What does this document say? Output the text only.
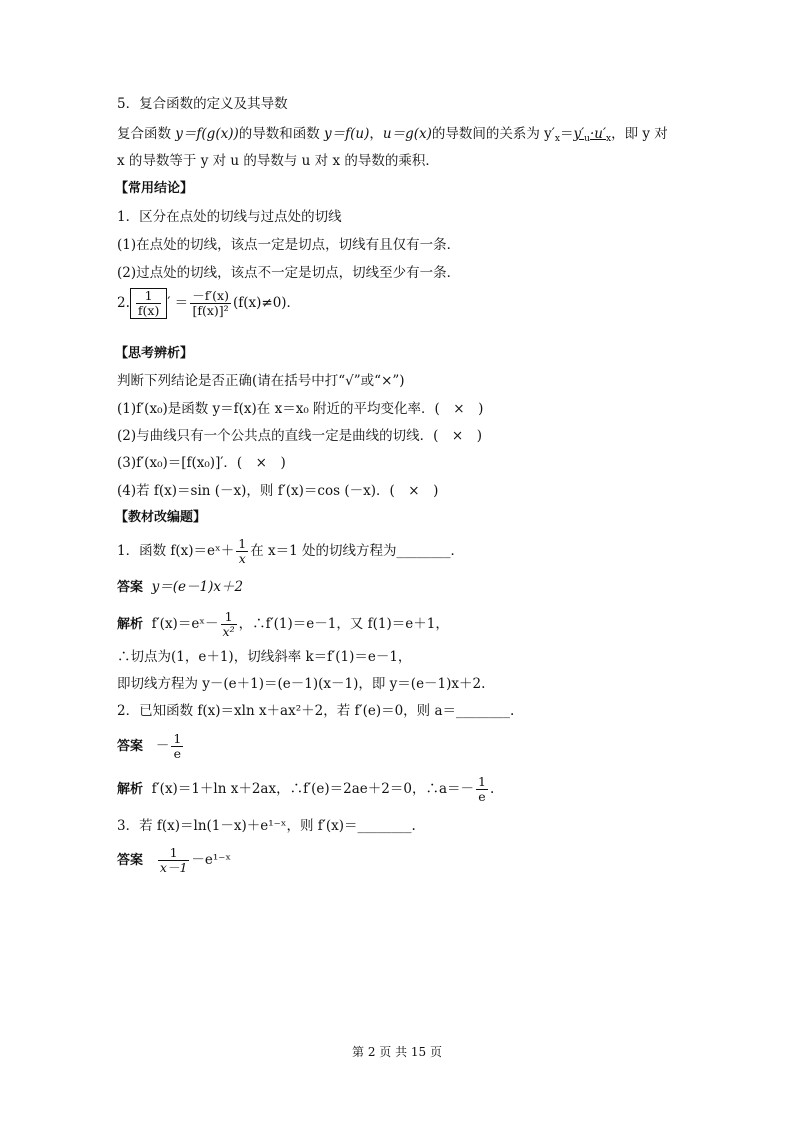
5．复合函数的定义及其导数
复合函数 y＝f(g(x))的导数和函数 y＝f(u)，u＝g(x)的导数间的关系为 $y'_x=y'_u\cdot u'_x$，即 y 对
x 的导数等于 y 对 u 的导数与 u 对 x 的导数的乘积．
【常用结论】
1．区分在点处的切线与过点处的切线
(1)在点处的切线，该点一定是切点，切线有且仅有一条．
(2)过点处的切线，该点不一定是切点，切线至少有一条．
2. $\frac{1}{f(x)}$ ′ ＝ $\frac{-f'(x)}{\text{[f(x)]²}} (f(x)\ne 0)$．
【思考辨析】
判断下列结论是否正确(请在括号中打“√”或“×”)
(1)f′(x₀)是函数 y＝f(x)在 x＝x₀ 附近的平均变化率．(　×　)
(2)与曲线只有一个公共点的直线一定是曲线的切线．(　×　)
(3)f′(x₀)＝[f(x₀)]′．(　×　)
(4)若 f(x)＝sin (－x)，则 f′(x)＝cos (－x)．(　×　)
【教材改编题】
1．函数 f(x)＝eˣ＋ $\frac{1}{x}$ 在 x＝1 处的切线方程为________．
答案 y＝(e－1)x＋2
解析 f′(x)＝eˣ－ $\frac{1}{\text{x²}}$ ，∴f′(1)＝e－1，又 f(1)＝e＋1，
∴切点为(1，e＋1)，切线斜率 k＝f′(1)＝e－1，
即切线方程为 y－(e＋1)＝(e－1)(x－1)，即 y＝(e－1)x＋2.
2．已知函数 f(x)＝xln x＋ax²＋2，若 f′(e)＝0，则 a＝________.
答案 － $\frac{1}{e}$
解析 f′(x)＝1＋ln x＋2ax，∴f′(e)＝2ae＋2＝0，∴a＝－ $\frac{1}{e}$ .
3．若 f(x)＝ln(1－x)＋e¹⁻ˣ，则 f′(x)＝________.
答案 $\frac{1}{x-1}$ －e¹⁻ˣ
第 2 页 共 15 页
